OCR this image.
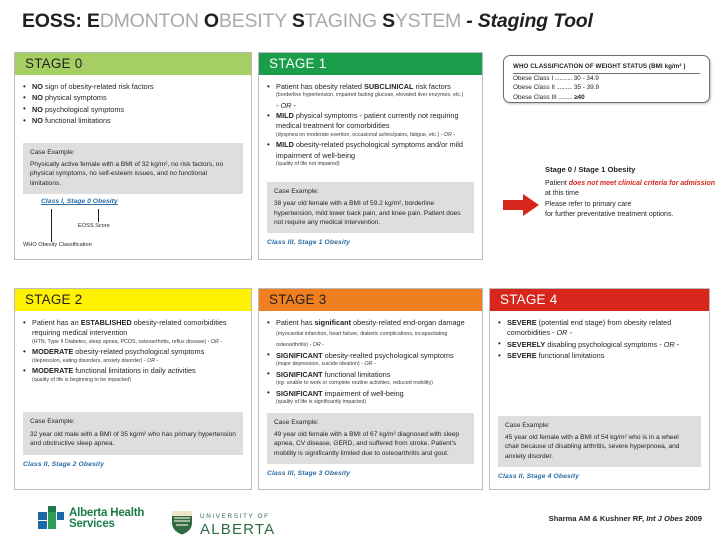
EOSS: EDMONTON OBESITY STAGING SYSTEM - Staging Tool
STAGE 0
• NO sign of obesity-related risk factors
• NO physical symptoms
• NO psychological symptoms
• NO functional limitations
Case Example:
Physically active female with a BMI of 32 kg/m², no risk factors, no physical symptoms, no self-esteem issues, and no functional limitations.
Class I, Stage 0 Obesity
WHO Obesity Classification
EOSS Score
STAGE 1
• Patient has obesity related SUBCLINICAL risk factors
(borderline hypertension, impaired fasting glucose, elevated liver enzymes, etc.)
- OR -
• MILD physical symptoms - patient currently not requiring medical treatment for comorbidities
(dyspnea on moderate exertion, occasional aches/pains, fatigue, etc.) - OR -
• MILD obesity-related psychological symptoms and/or mild impairment of well-being
(quality of life not impaired)
Case Example:
38 year old female with a BMI of 59.2 kg/m², borderline hypertension, mild lower back pain, and knee pain. Patient does not require any medical intervention.
Class III, Stage 1 Obesity
WHO CLASSIFICATION OF WEIGHT STATUS (BMI kg/m² )
Obese Class I ........... 30 - 34.9
Obese Class II .......... 35 - 39.9
Obese Class III ......... ≥40
Stage 0 / Stage 1 Obesity
Patient does not meet clinical criteria for admission at this time
Please refer to primary care
for further preventative treatment options.
STAGE 2
• Patient has an ESTABLISHED obesity-related comorbidities requiring medical intervention
(HTN, Type II Diabetes, sleep apnea, PCOS, osteoarthritis, reflux disease) - OR -
• MODERATE obesity-related psychological symptoms
(depression, eating disorders, anxiety disorder) - OR -
• MODERATE functional limitations in daily activities
(quality of life is beginning to be impacted)
Case Example:
32 year old male with a BMI of 35 kg/m² who has primary hypertension and obstructive sleep apnea.
Class II, Stage 2 Obesity
STAGE 3
• Patient has significant obesity-related end-organ damage (myocardial infarction, heart failure, diabetic complications, incapacitating osteoarthritis) - OR -
• SIGNIFICANT obesity-realted psychological symptoms
(major depression, suicide ideation) - OR -
• SIGNIFICANT functional limitations
(eg: unable to work or complete routine activities, reduced mobility)
• SIGNIFICANT impairment of well-being
(quality of life is significantly impacted)
Case Example:
49 year old female with a BMI of 67 kg/m² diagnosed with sleep apnea, CV disease, GERD, and suffered from stroke. Patient's mobility is significantly limited due to osteoarthritis and gout.
Class III, Stage 3 Obesity
STAGE 4
• SEVERE (potential end stage) from obesity related comorbidities - OR -
• SEVERELY disabling psychological symptoms - OR -
• SEVERE functional limitations
Case Example:
45 year old female with a BMI of 54 kg/m² who is in a wheel chair because of disabling arthritis, severe hyperpnoea, and anxiety disorder.
Class II, Stage 4 Obesity
Alberta Health
Services
UNIVERSITY OF
ALBERTA
Sharma AM & Kushner RF, Int J Obes 2009
